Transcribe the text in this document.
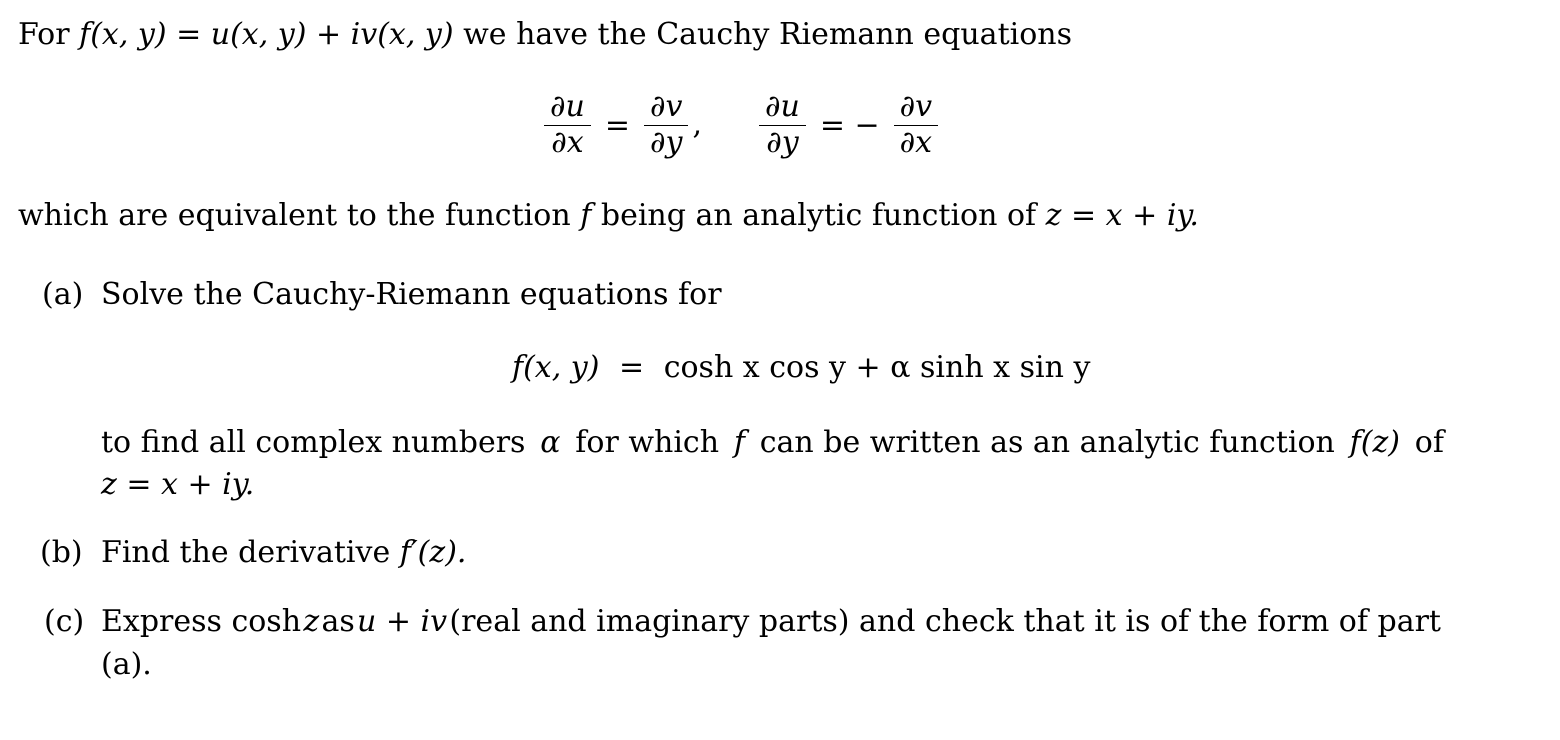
For f(x, y) = u(x, y) + iv(x, y) we have the Cauchy Riemann equations
$\frac{\partial u}{\partial x} = \frac{\partial v}{\partial y}$ , $\frac{\partial u}{\partial y}$ = − $\frac{\partial v}{\partial x}$
which are equivalent to the function f being an analytic function of z = x + iy.
(a) Solve the Cauchy-Riemann equations for
f(x, y) = cosh x cos y + α sinh x sin y
to find all complex numbers α for which f can be written as an analytic function f(z) of
z = x + iy.
(b) Find the derivative f′(z).
(c) Express cosh z as u + iv (real and imaginary parts) and check that it is of the form of part
(a).
